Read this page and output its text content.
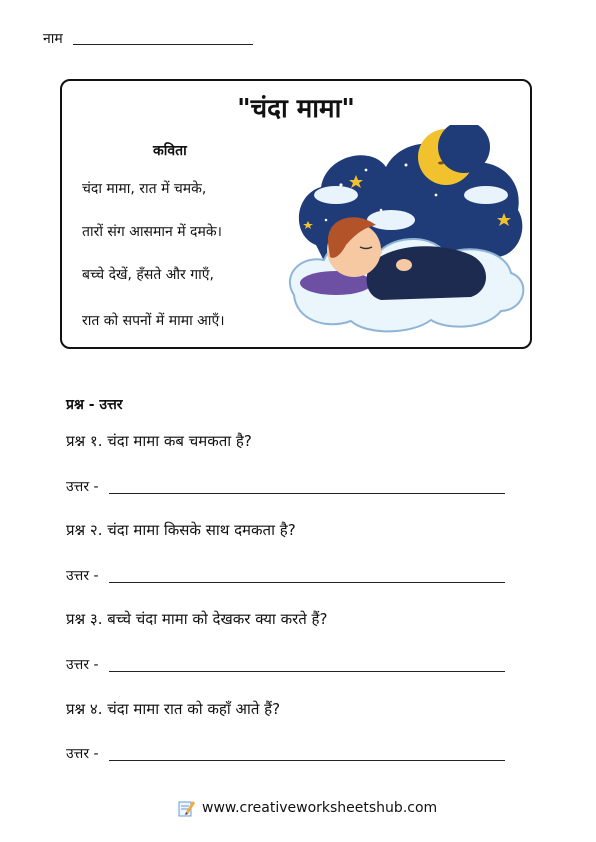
नाम
"चंदा मामा"
कविता
चंदा मामा, रात में चमके,
तारों संग आसमान में दमके।
बच्चे देखें, हँसते और गाएँ,
रात को सपनों में मामा आएँ।
प्रश्न - उत्तर
प्रश्न १. चंदा मामा कब चमकता है?
उत्तर -
प्रश्न २. चंदा मामा किसके साथ दमकता है?
उत्तर -
प्रश्न ३. बच्चे चंदा मामा को देखकर क्या करते हैं?
उत्तर -
प्रश्न ४. चंदा मामा रात को कहाँ आते हैं?
उत्तर -
www.creativeworksheetshub.com
